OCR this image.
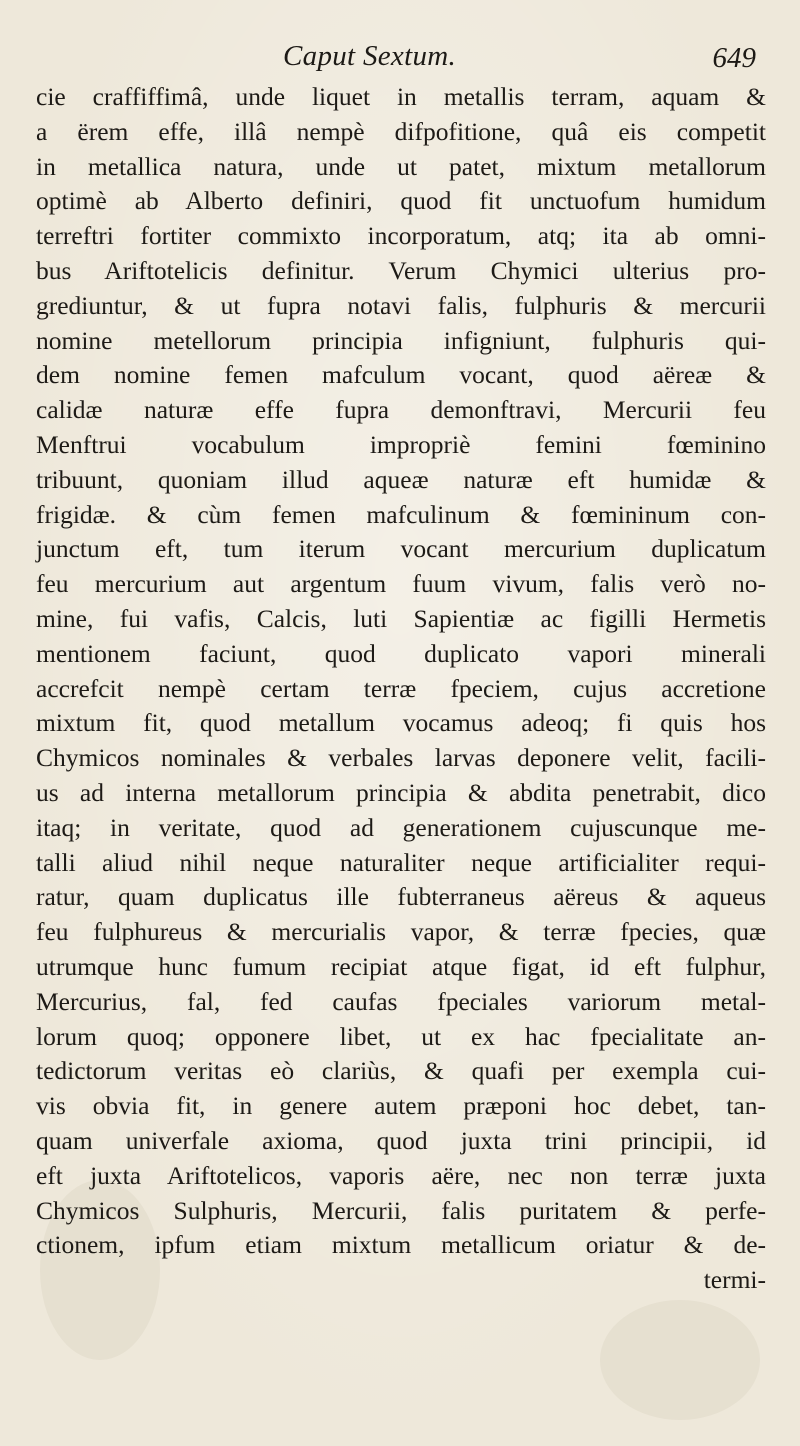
Caput Sextum.	649
cie craffiffimâ, unde liquet in metallis terram, aquam &
a ërem effe, illâ nempè difpofitione, quâ eis competit
in metallica natura, unde ut patet, mixtum metallorum
optimè ab Alberto definiri, quod fit unctuofum humidum
terreftri fortiter commixto incorporatum, atq; ita ab omni-
bus Ariftotelicis definitur. Verum Chymici ulterius pro-
grediuntur, & ut fupra notavi falis, fulphuris & mercurii
nomine metellorum principia infigniunt, fulphuris qui-
dem nomine femen mafculum vocant, quod aëreæ &
calidæ naturæ effe fupra demonftravi, Mercurii feu
Menftrui vocabulum impropriè femini fœminino
tribuunt, quoniam illud aqueæ naturæ eft humidæ &
frigidæ. & cùm femen mafculinum & fœmininum con-
junctum eft, tum iterum vocant mercurium duplicatum
feu mercurium aut argentum fuum vivum, falis verò no-
mine, fui vafis, Calcis, luti Sapientiæ ac figilli Hermetis
mentionem faciunt, quod duplicato vapori minerali
accrefcit nempè certam terræ fpeciem, cujus accretione
mixtum fit, quod metallum vocamus adeoq; fi quis hos
Chymicos nominales & verbales larvas deponere velit, facili-
us ad interna metallorum principia & abdita penetrabit, dico
itaq; in veritate, quod ad generationem cujuscunque me-
talli aliud nihil neque naturaliter neque artificialiter requi-
ratur, quam duplicatus ille fubterraneus aëreus & aqueus
feu fulphureus & mercurialis vapor, & terræ fpecies, quæ
utrumque hunc fumum recipiat atque figat, id eft fulphur,
Mercurius, fal, fed caufas fpeciales variorum metal-
lorum quoq; opponere libet, ut ex hac fpecialitate an-
tedictorum veritas eò clariùs, & quafi per exempla cui-
vis obvia fit, in genere autem præponi hoc debet, tan-
quam univerfale axioma, quod juxta trini principii, id
eft juxta Ariftotelicos, vaporis aëre, nec non terræ juxta
Chymicos Sulphuris, Mercurii, falis puritatem & perfe-
ctionem, ipfum etiam mixtum metallicum oriatur & de-
termi-
